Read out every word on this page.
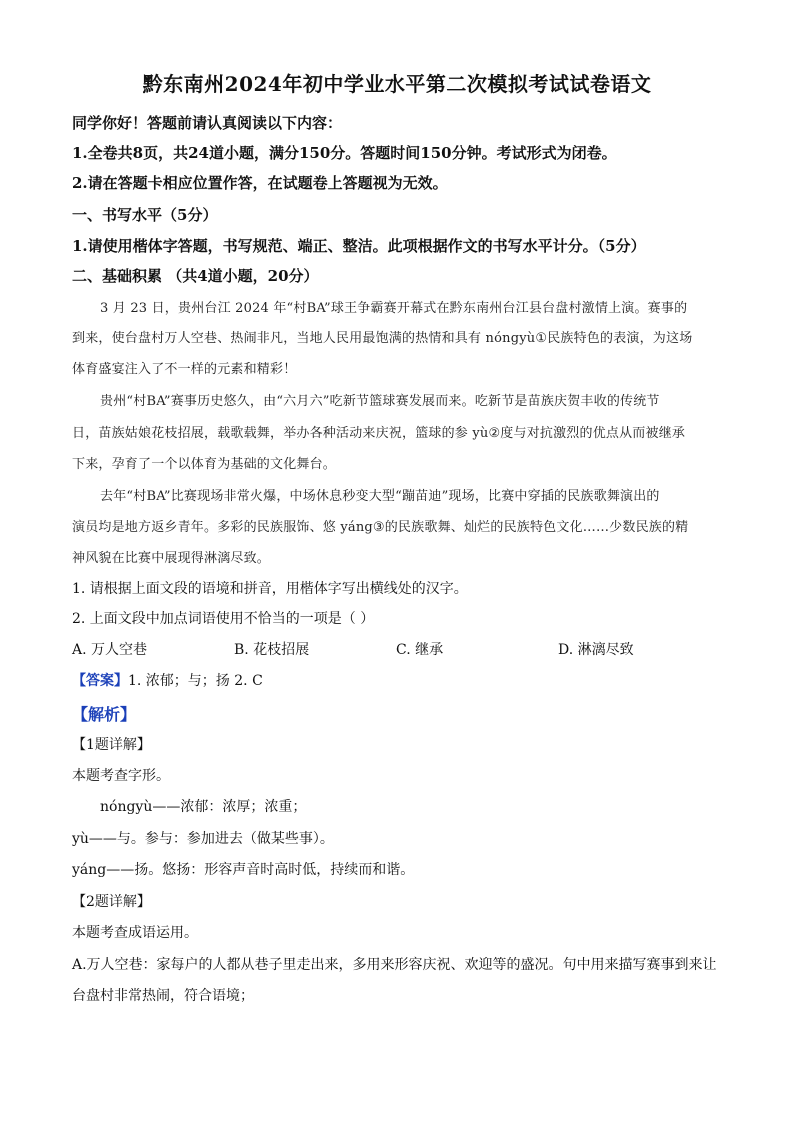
黔东南州2024年初中学业水平第二次模拟考试试卷语文
同学你好！答题前请认真阅读以下内容：
1.全卷共8页，共24道小题，满分150分。答题时间150分钟。考试形式为闭卷。
2.请在答题卡相应位置作答，在试题卷上答题视为无效。
一、书写水平（5分）
1.请使用楷体字答题，书写规范、端正、整洁。此项根据作文的书写水平计分。（5分）
二、基础积累 （共4道小题，20分）
3 月 23 日，贵州台江 2024 年“村BA”球王争霸赛开幕式在黔东南州台江县台盘村激情上演。赛事的
到来，使台盘村万人空巷、热闹非凡，当地人民用最饱满的热情和具有 nóngyù①民族特色的表演，为这场
体育盛宴注入了不一样的元素和精彩！
贵州“村BA”赛事历史悠久，由“六月六”吃新节篮球赛发展而来。吃新节是苗族庆贺丰收的传统节
日，苗族姑娘花枝招展，载歌载舞，举办各种活动来庆祝，篮球的参 yù②度与对抗激烈的优点从而被继承
下来，孕育了一个以体育为基础的文化舞台。
去年“村BA”比赛现场非常火爆，中场休息秒变大型“蹦苗迪”现场，比赛中穿插的民族歌舞演出的
演员均是地方返乡青年。多彩的民族服饰、悠 yáng③的民族歌舞、灿烂的民族特色文化……少数民族的精
神风貌在比赛中展现得淋漓尽致。
1. 请根据上面文段的语境和拼音，用楷体字写出横线处的汉字。
2. 上面文段中加点词语使用不恰当的一项是（ ）
A. 万人空巷	B. 花枝招展	C. 继承	D. 淋漓尽致
【答案】1. 浓郁；与；扬 2. C
【解析】
【1题详解】
本题考查字形。
nóngyù——浓郁：浓厚；浓重；
yù——与。参与：参加进去（做某些事）。
yáng——扬。悠扬：形容声音时高时低，持续而和谐。
【2题详解】
本题考查成语运用。
A.万人空巷：家每户的人都从巷子里走出来，多用来形容庆祝、欢迎等的盛况。句中用来描写赛事到来让
台盘村非常热闹，符合语境；
